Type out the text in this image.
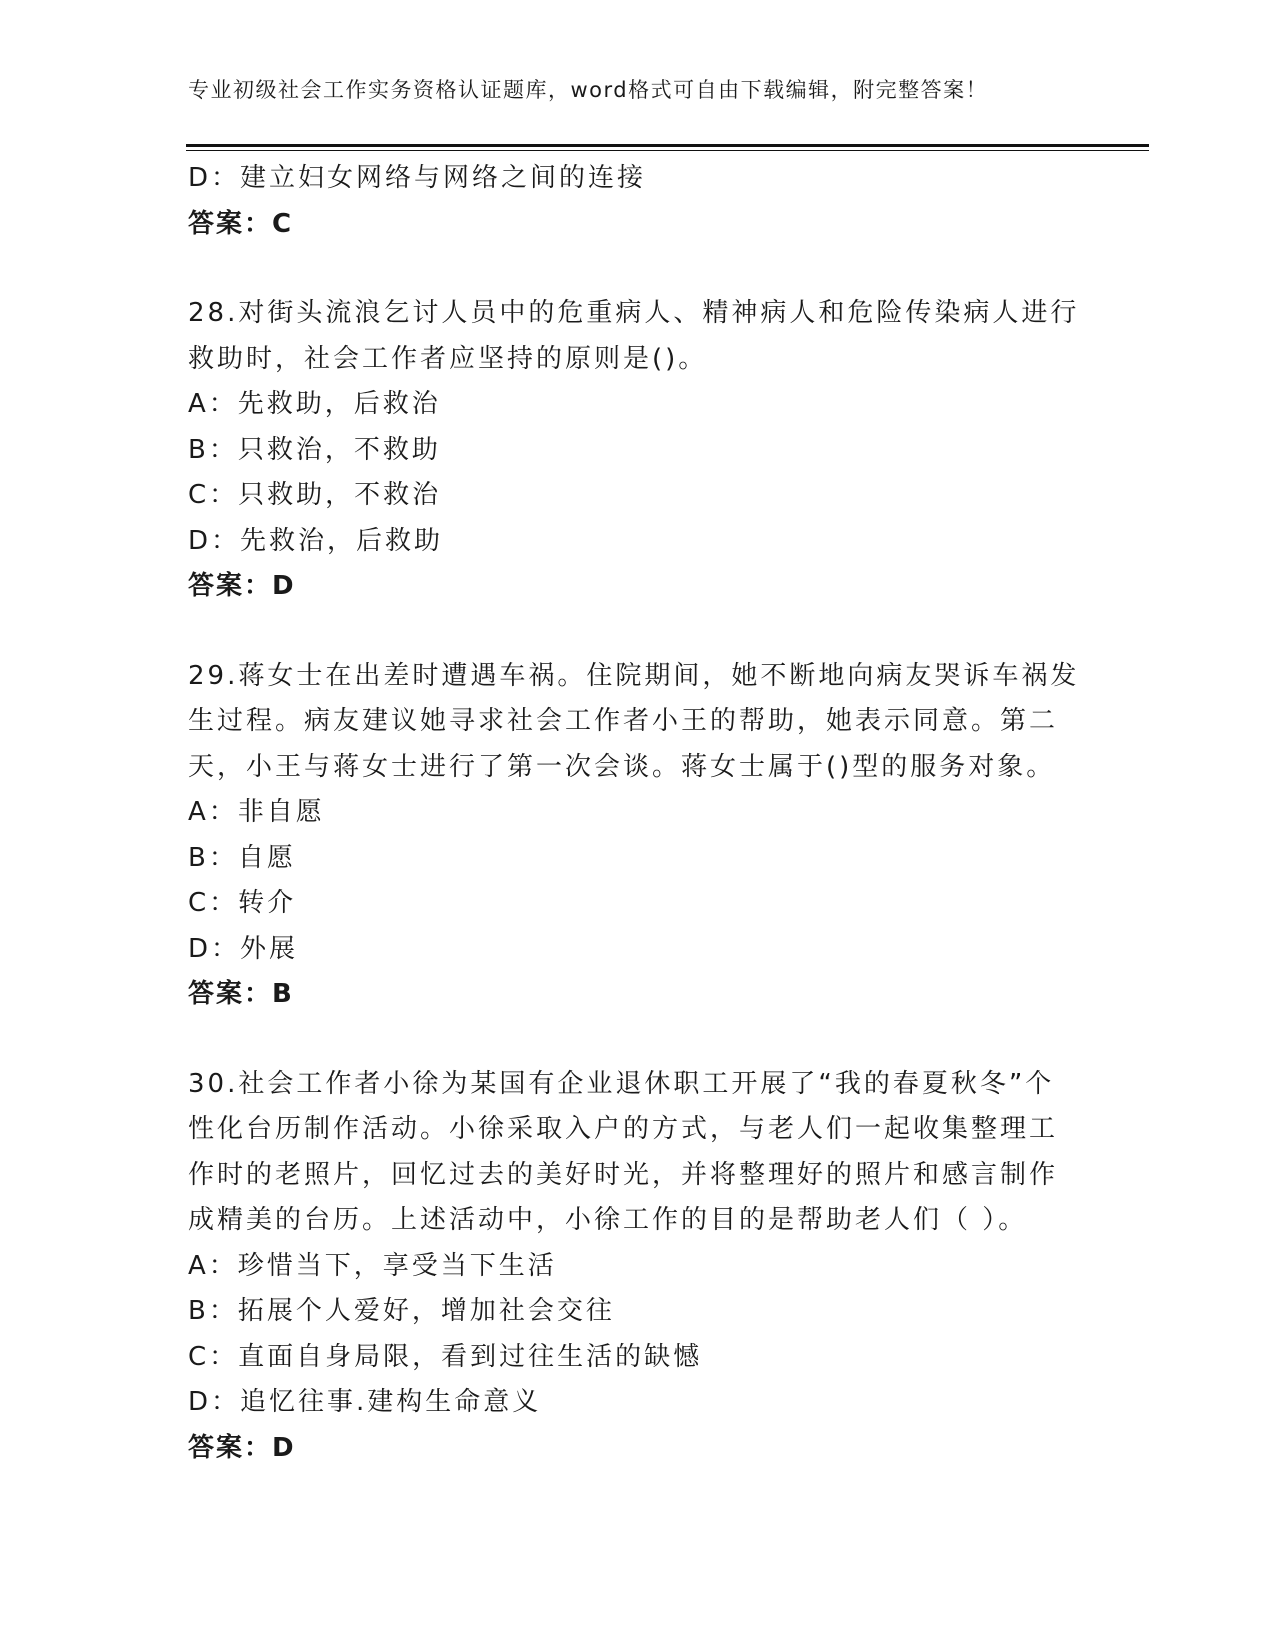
专业初级社会工作实务资格认证题库，word格式可自由下载编辑，附完整答案！
D：建立妇女网络与网络之间的连接
答案：C
28.对街头流浪乞讨人员中的危重病人、精神病人和危险传染病人进行
救助时，社会工作者应坚持的原则是()。
A：先救助，后救治
B：只救治，不救助
C：只救助，不救治
D：先救治，后救助
答案：D
29.蒋女士在出差时遭遇车祸。住院期间，她不断地向病友哭诉车祸发
生过程。病友建议她寻求社会工作者小王的帮助，她表示同意。第二
天，小王与蒋女士进行了第一次会谈。蒋女士属于()型的服务对象。
A：非自愿
B：自愿
C：转介
D：外展
答案：B
30.社会工作者小徐为某国有企业退休职工开展了“我的春夏秋冬”个
性化台历制作活动。小徐采取入户的方式，与老人们一起收集整理工
作时的老照片，回忆过去的美好时光，并将整理好的照片和感言制作
成精美的台历。上述活动中，小徐工作的目的是帮助老人们（ ）。
A：珍惜当下，享受当下生活
B：拓展个人爱好，增加社会交往
C：直面自身局限，看到过往生活的缺憾
D：追忆往事.建构生命意义
答案：D
